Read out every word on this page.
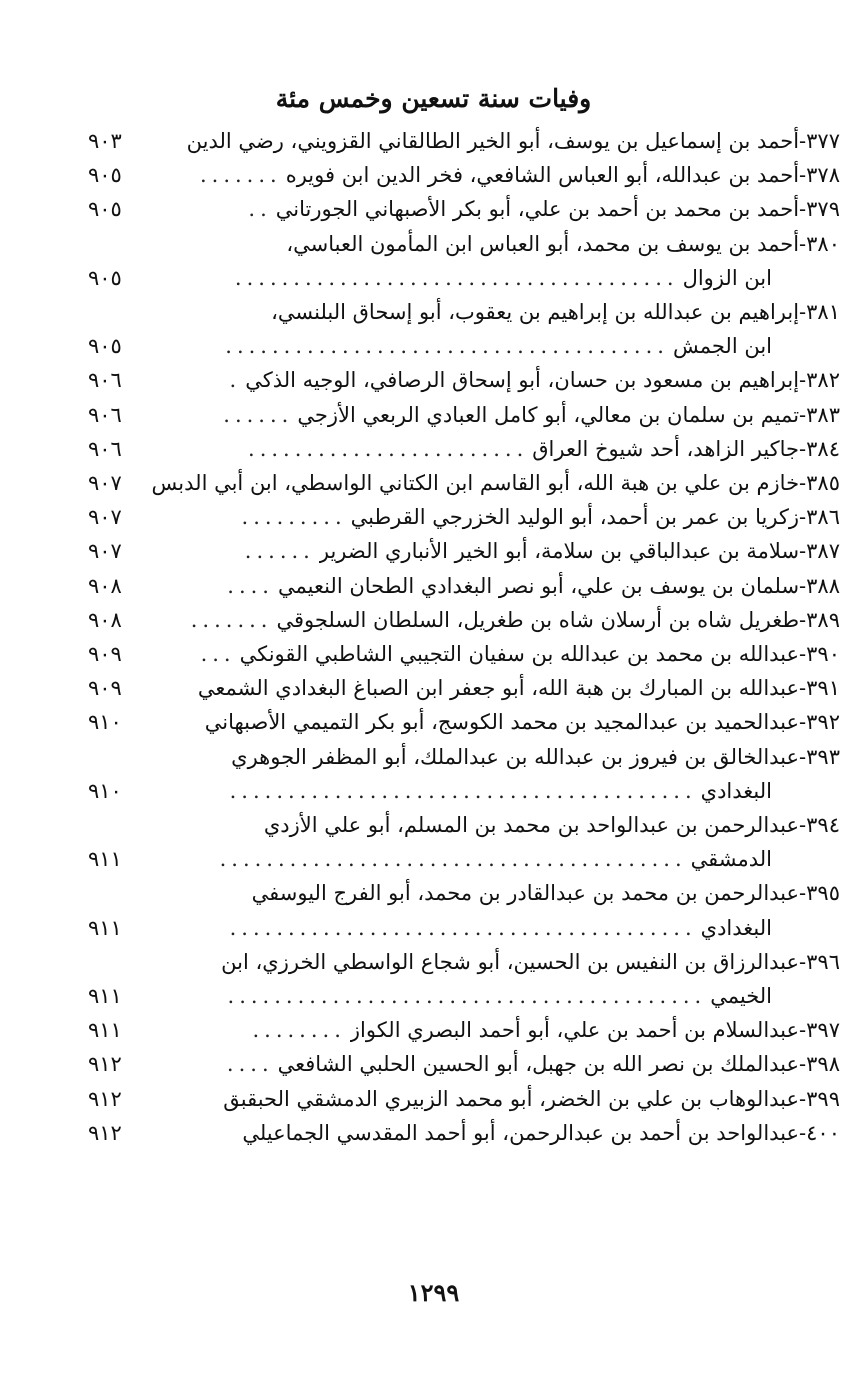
وفيات سنة تسعين وخمس مئة
٣٧٧-
أحمد بن إسماعيل بن يوسف، أبو الخير الطالقاني القزويني، رضي الدين
٩٠٣
٣٧٨-
أحمد بن عبدالله، أبو العباس الشافعي، فخر الدين ابن فويره
.......
٩٠٥
٣٧٩-
أحمد بن محمد بن أحمد بن علي، أبو بكر الأصبهاني الجورتاني
..
٩٠٥
٣٨٠-
أحمد بن يوسف بن محمد، أبو العباس ابن المأمون العباسي،
ابن الزوال
......................................
٩٠٥
٣٨١-
إبراهيم بن عبدالله بن إبراهيم بن يعقوب، أبو إسحاق البلنسي،
ابن الجمش
......................................
٩٠٥
٣٨٢-
إبراهيم بن مسعود بن حسان، أبو إسحاق الرصافي، الوجيه الذكي
.
٩٠٦
٣٨٣-
تميم بن سلمان بن معالي، أبو كامل العبادي الربعي الأزجي
......
٩٠٦
٣٨٤-
جاكير الزاهد، أحد شيوخ العراق
........................
٩٠٦
٣٨٥-
خازم بن علي بن هبة الله، أبو القاسم ابن الكتاني الواسطي، ابن أبي الدبس
٩٠٧
٣٨٦-
زكريا بن عمر بن أحمد، أبو الوليد الخزرجي القرطبي
.........
٩٠٧
٣٨٧-
سلامة بن عبدالباقي بن سلامة، أبو الخير الأنباري الضرير
......
٩٠٧
٣٨٨-
سلمان بن يوسف بن علي، أبو نصر البغدادي الطحان النعيمي
....
٩٠٨
٣٨٩-
طغريل شاه بن أرسلان شاه بن طغريل، السلطان السلجوقي
.......
٩٠٨
٣٩٠-
عبدالله بن محمد بن عبدالله بن سفيان التجيبي الشاطبي القونكي
...
٩٠٩
٣٩١-
عبدالله بن المبارك بن هبة الله، أبو جعفر ابن الصباغ البغدادي الشمعي
٩٠٩
٣٩٢-
عبدالحميد بن عبدالمجيد بن محمد الكوسج، أبو بكر التميمي الأصبهاني
٩١٠
٣٩٣-
عبدالخالق بن فيروز بن عبدالله بن عبدالملك، أبو المظفر الجوهري
البغدادي
........................................
٩١٠
٣٩٤-
عبدالرحمن بن عبدالواحد بن محمد بن المسلم، أبو علي الأزدي
الدمشقي
........................................
٩١١
٣٩٥-
عبدالرحمن بن محمد بن عبدالقادر بن محمد، أبو الفرج اليوسفي
البغدادي
........................................
٩١١
٣٩٦-
عبدالرزاق بن النفيس بن الحسين، أبو شجاع الواسطي الخرزي، ابن
الخيمي
.........................................
٩١١
٣٩٧-
عبدالسلام بن أحمد بن علي، أبو أحمد البصري الكواز
........
٩١١
٣٩٨-
عبدالملك بن نصر الله بن جهبل، أبو الحسين الحلبي الشافعي
....
٩١٢
٣٩٩-
عبدالوهاب بن علي بن الخضر، أبو محمد الزبيري الدمشقي الحبقبق
٩١٢
٤٠٠-
عبدالواحد بن أحمد بن عبدالرحمن، أبو أحمد المقدسي الجماعيلي
٩١٢
١٢٩٩
